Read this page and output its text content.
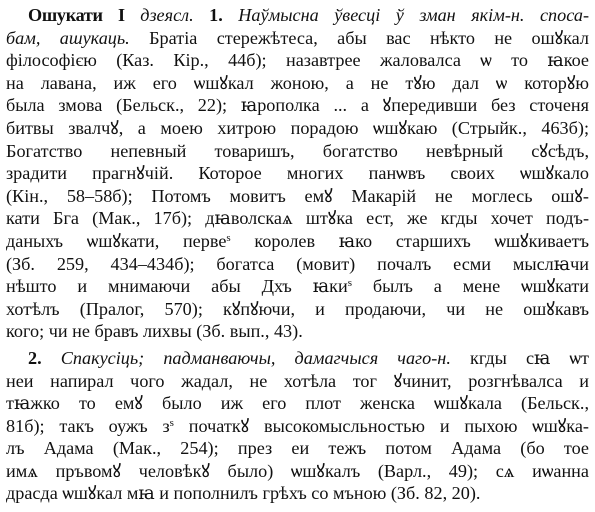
Ошукати I дзеясл. 1. Наўмысна ўвесці ў зман якім-н. споса-
бам, ашукаць. Братіа стережѣтеса, абы вас нѣкто не ошꙋкал
філософією (Каз. Кір., 44б); назавтрее жаловалса ѡ то ꙗкое
на лавана, иж его ѡшꙋкал жоною, а не тꙋю дал ѡ которꙋю
была змова (Бельск., 22); ꙗрополка ... а ꙋпередивши без сточеня
битвы звалчꙋ, а моею хитрою порадою ѡшꙋкаю (Стрыйк., 463б);
Богатство непевный товаришъ, богатство невѣрный сꙋсѣдъ,
зрадити прагнꙋчій. Которое многих панѡвъ своих ѡшꙋкало
(Кін., 58–58б); Потомъ мовитъ емꙋ Макарій не моглесь ошꙋ-
кати Бга (Мак., 17б); дꙗволскаѧ штꙋка ест, же кгды хочет подъ-
даныхъ ѡшꙋкати, перве$^s$ королев ꙗко старшихъ ѡшꙋкиваетъ
(Зб. 259, 434–434б); богатса (мовит) почалъ есми мыслꙗчи
нѣшто и мнимаючи абы Дхъ ꙗки$^s$ былъ а мене ѡшꙋкати
хотѣлъ (Пралог, 570); кꙋпꙋючи, и продаючи, чи не ошꙋкавъ
кого; чи не бравъ лихвы (Зб. вып., 43).

2. Спакусіць; падманваючы, дамагчыся чаго-н. кгды сꙗ ѡт
неи напирал чого жадал, не хотѣла тог ꙋчинит, розгнѣвалса и
тꙗжко то емꙋ было иж его плот женска ѡшꙋкала (Бельск.,
81б); такъ оужъ $з^s$ початкꙋ высокомысльностью и пыхою ѡшꙋка-
лъ Адама (Мак., 254); през еи тежъ потом Адама (бо тое
имѧ пръвомꙋ человѣкꙋ было) ѡшꙋкалъ (Варл., 49); сѧ иѡанна
драсда ѡшꙋкал мꙗ и пополнилъ грѣхъ со мъною (Зб. 82, 20).
